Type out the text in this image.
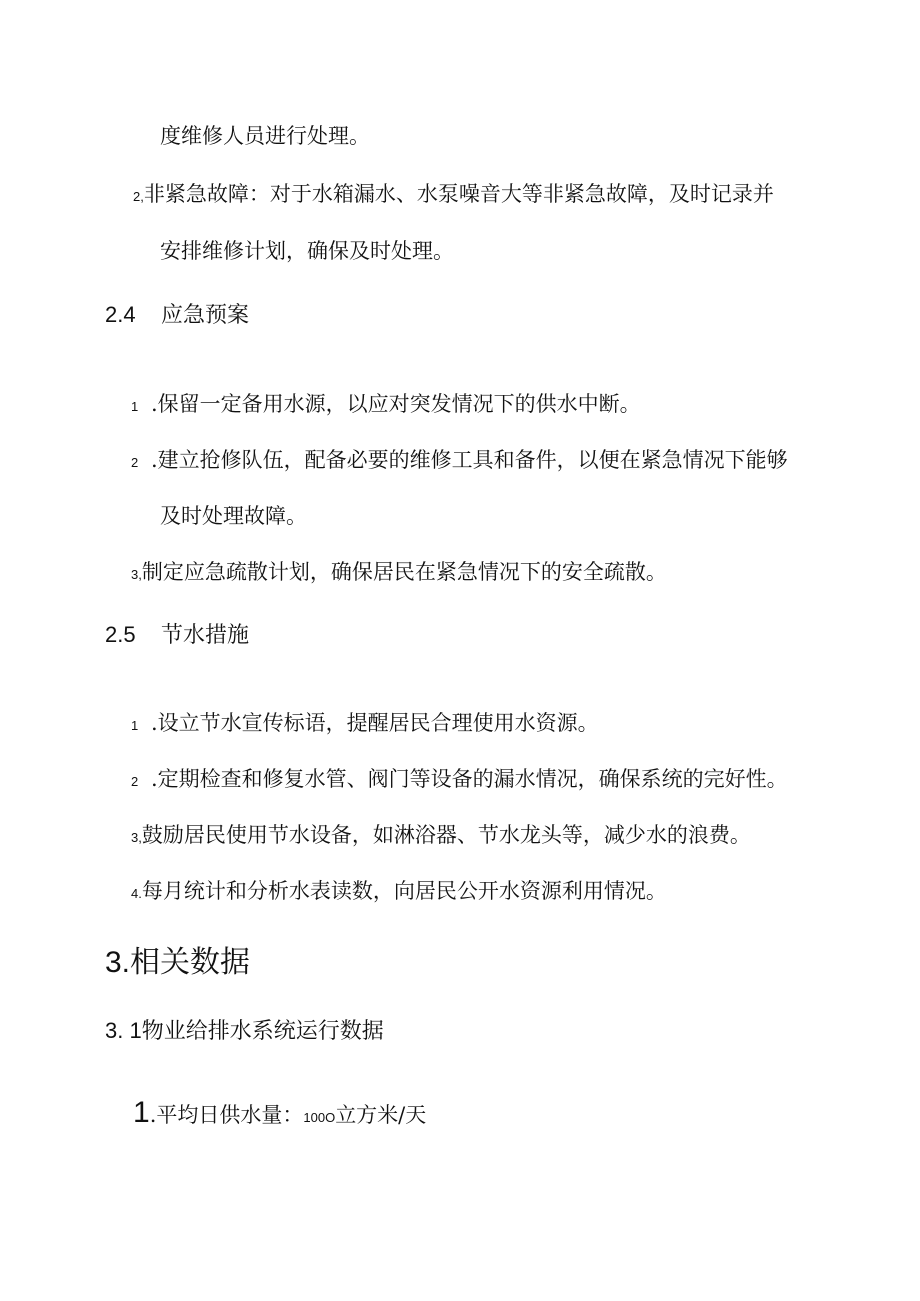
度维修人员进行处理。
2,非紧急故障：对于水箱漏水、水泵噪音大等非紧急故障，及时记录并
安排维修计划，确保及时处理。
2.4 应急预案
1 .保留一定备用水源，以应对突发情况下的供水中断。
2 .建立抢修队伍，配备必要的维修工具和备件，以便在紧急情况下能够
及时处理故障。
3,制定应急疏散计划，确保居民在紧急情况下的安全疏散。
2.5 节水措施
1 .设立节水宣传标语，提醒居民合理使用水资源。
2 .定期检查和修复水管、阀门等设备的漏水情况，确保系统的完好性。
3,鼓励居民使用节水设备，如淋浴器、节水龙头等，减少水的浪费。
4.每月统计和分析水表读数，向居民公开水资源利用情况。
3.相关数据
3. 1物业给排水系统运行数据
1.平均日供水量：100O立方米/天
